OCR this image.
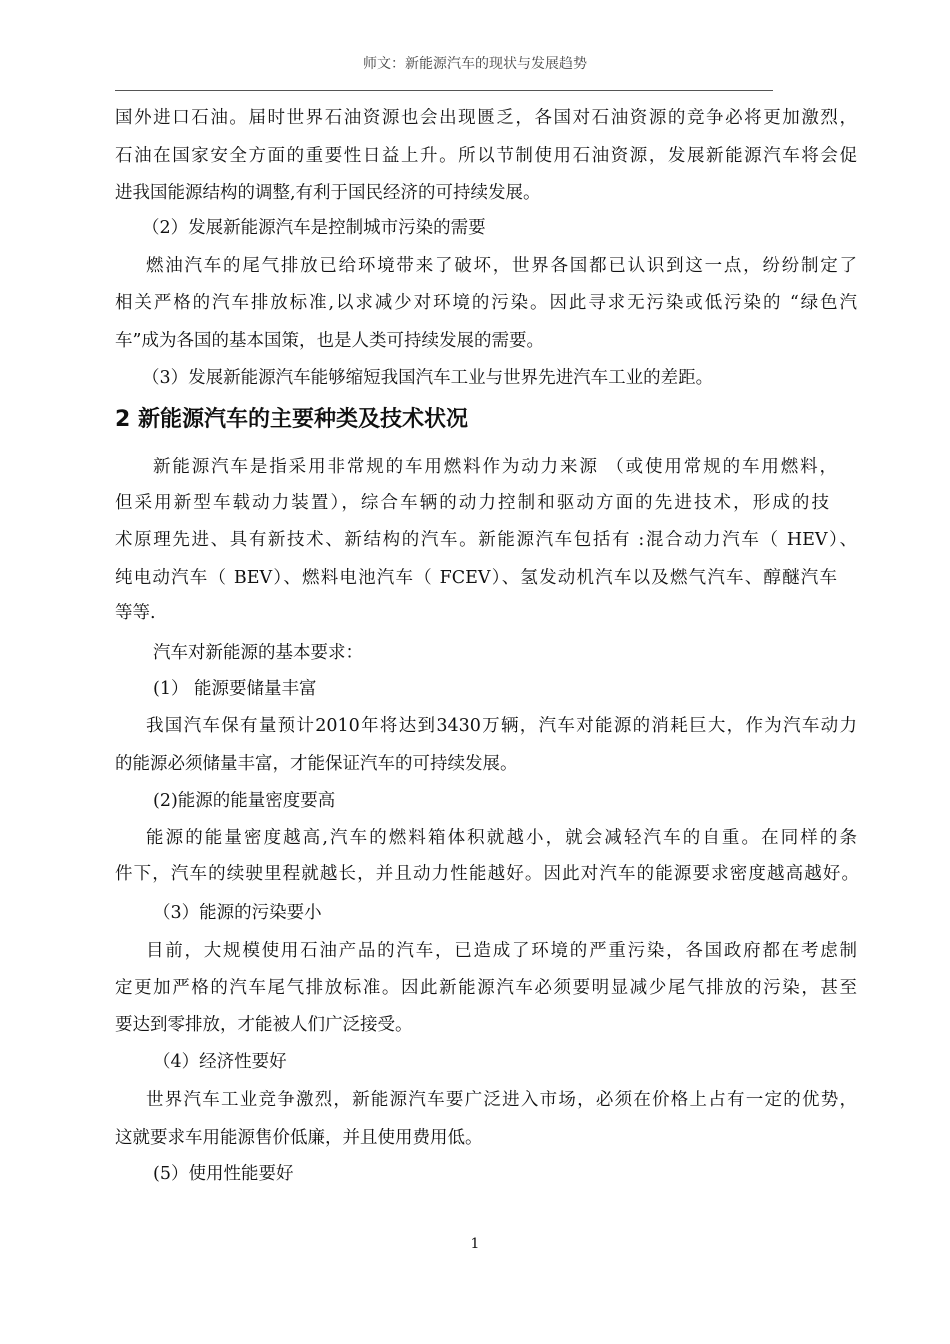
师文：新能源汽车的现状与发展趋势
国外进口石油。届时世界石油资源也会出现匮乏，各国对石油资源的竞争必将更加激烈，
石油在国家安全方面的重要性日益上升。所以节制使用石油资源，发展新能源汽车将会促
进我国能源结构的调整,有利于国民经济的可持续发展。
（2）发展新能源汽车是控制城市污染的需要
燃油汽车的尾气排放已给环境带来了破坏，世界各国都已认识到这一点，纷纷制定了
相关严格的汽车排放标准,以求减少对环境的污染。因此寻求无污染或低污染的 “绿色汽
车”成为各国的基本国策，也是人类可持续发展的需要。
（3）发展新能源汽车能够缩短我国汽车工业与世界先进汽车工业的差距。
2 新能源汽车的主要种类及技术状况
新能源汽车是指采用非常规的车用燃料作为动力来源 （或使用常规的车用燃料，
但采用新型车载动力装置），综合车辆的动力控制和驱动方面的先进技术，形成的技
术原理先进、具有新技术、新结构的汽车。新能源汽车包括有 :混合动力汽车（ HEV）、
纯电动汽车（ BEV）、燃料电池汽车（ FCEV）、氢发动机汽车以及燃气汽车、醇醚汽车
等等.
汽车对新能源的基本要求：
(1） 能源要储量丰富
我国汽车保有量预计2010年将达到3430万辆，汽车对能源的消耗巨大，作为汽车动力
的能源必须储量丰富，才能保证汽车的可持续发展。
(2)能源的能量密度要高
能源的能量密度越高,汽车的燃料箱体积就越小，就会减轻汽车的自重。在同样的条
件下，汽车的续驶里程就越长，并且动力性能越好。因此对汽车的能源要求密度越高越好。
（3）能源的污染要小
目前，大规模使用石油产品的汽车，已造成了环境的严重污染，各国政府都在考虑制
定更加严格的汽车尾气排放标准。因此新能源汽车必须要明显减少尾气排放的污染，甚至
要达到零排放，才能被人们广泛接受。
（4）经济性要好
世界汽车工业竞争激烈，新能源汽车要广泛进入市场，必须在价格上占有一定的优势，
这就要求车用能源售价低廉，并且使用费用低。
(5）使用性能要好
1
